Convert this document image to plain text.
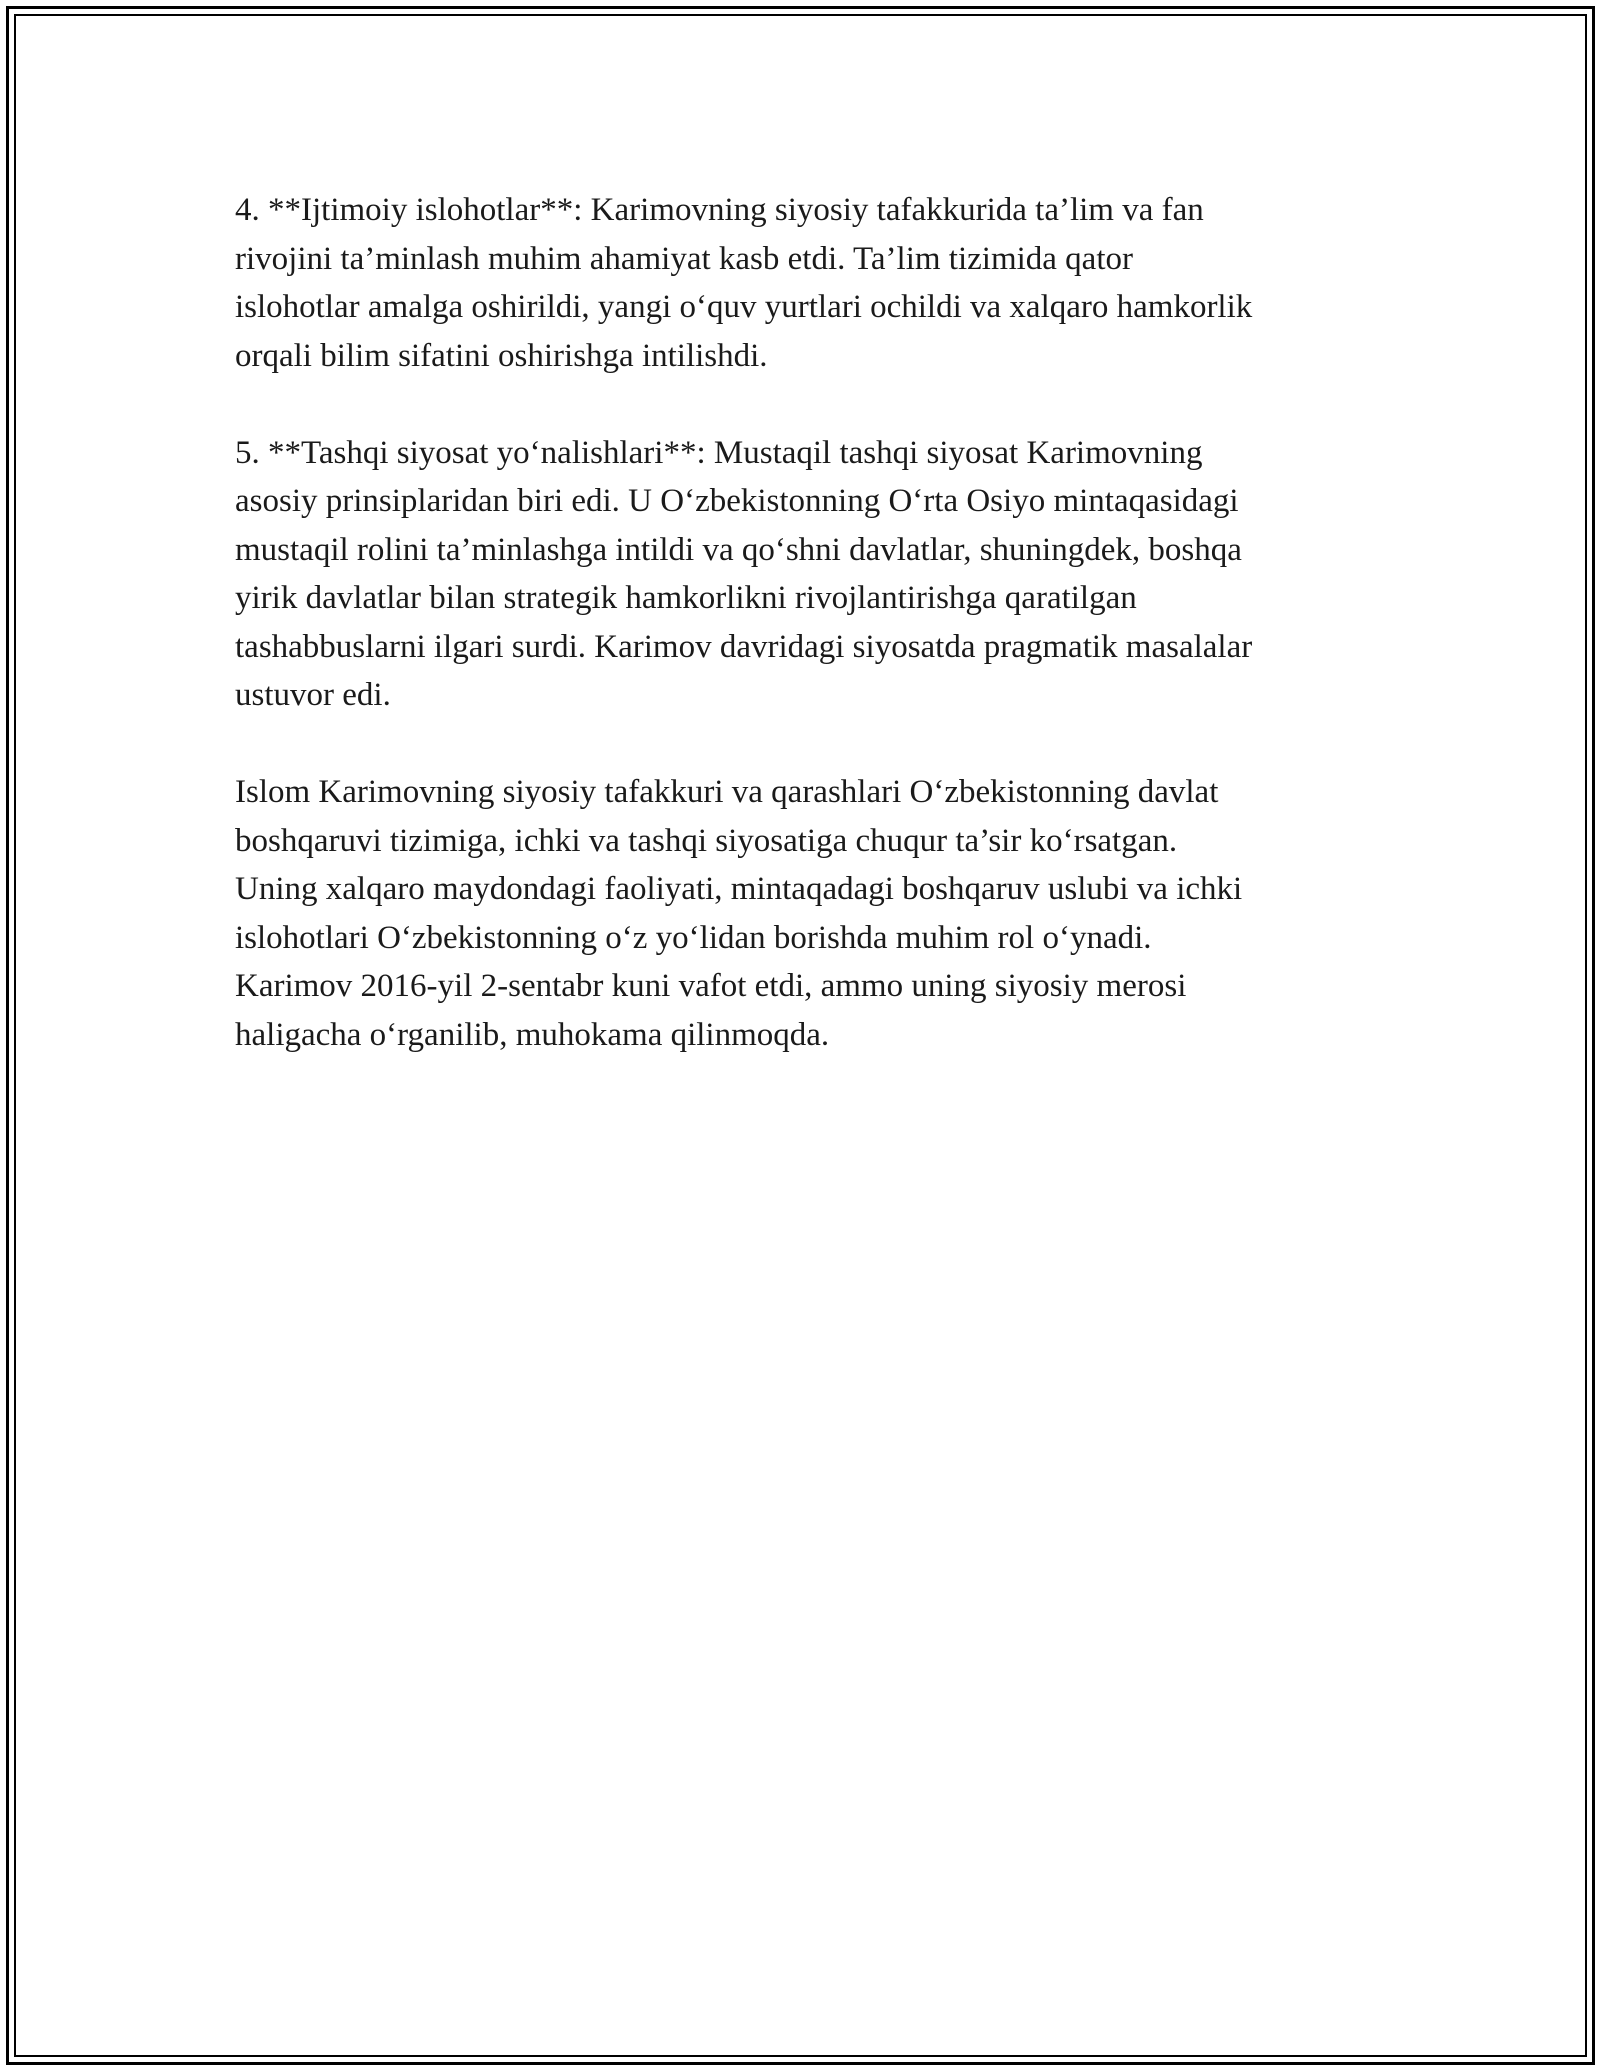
4. **Ijtimoiy islohotlar**: Karimovning siyosiy tafakkurida ta’lim va fan
rivojini ta’minlash muhim ahamiyat kasb etdi. Ta’lim tizimida qator
islohotlar amalga oshirildi, yangi o‘quv yurtlari ochildi va xalqaro hamkorlik
orqali bilim sifatini oshirishga intilishdi.

5. **Tashqi siyosat yo‘nalishlari**: Mustaqil tashqi siyosat Karimovning
asosiy prinsiplaridan biri edi. U O‘zbekistonning O‘rta Osiyo mintaqasidagi
mustaqil rolini ta’minlashga intildi va qo‘shni davlatlar, shuningdek, boshqa
yirik davlatlar bilan strategik hamkorlikni rivojlantirishga qaratilgan
tashabbuslarni ilgari surdi. Karimov davridagi siyosatda pragmatik masalalar
ustuvor edi.

Islom Karimovning siyosiy tafakkuri va qarashlari O‘zbekistonning davlat
boshqaruvi tizimiga, ichki va tashqi siyosatiga chuqur ta’sir ko‘rsatgan.
Uning xalqaro maydondagi faoliyati, mintaqadagi boshqaruv uslubi va ichki
islohotlari O‘zbekistonning o‘z yo‘lidan borishda muhim rol o‘ynadi.
Karimov 2016-yil 2-sentabr kuni vafot etdi, ammo uning siyosiy merosi
haligacha o‘rganilib, muhokama qilinmoqda.
